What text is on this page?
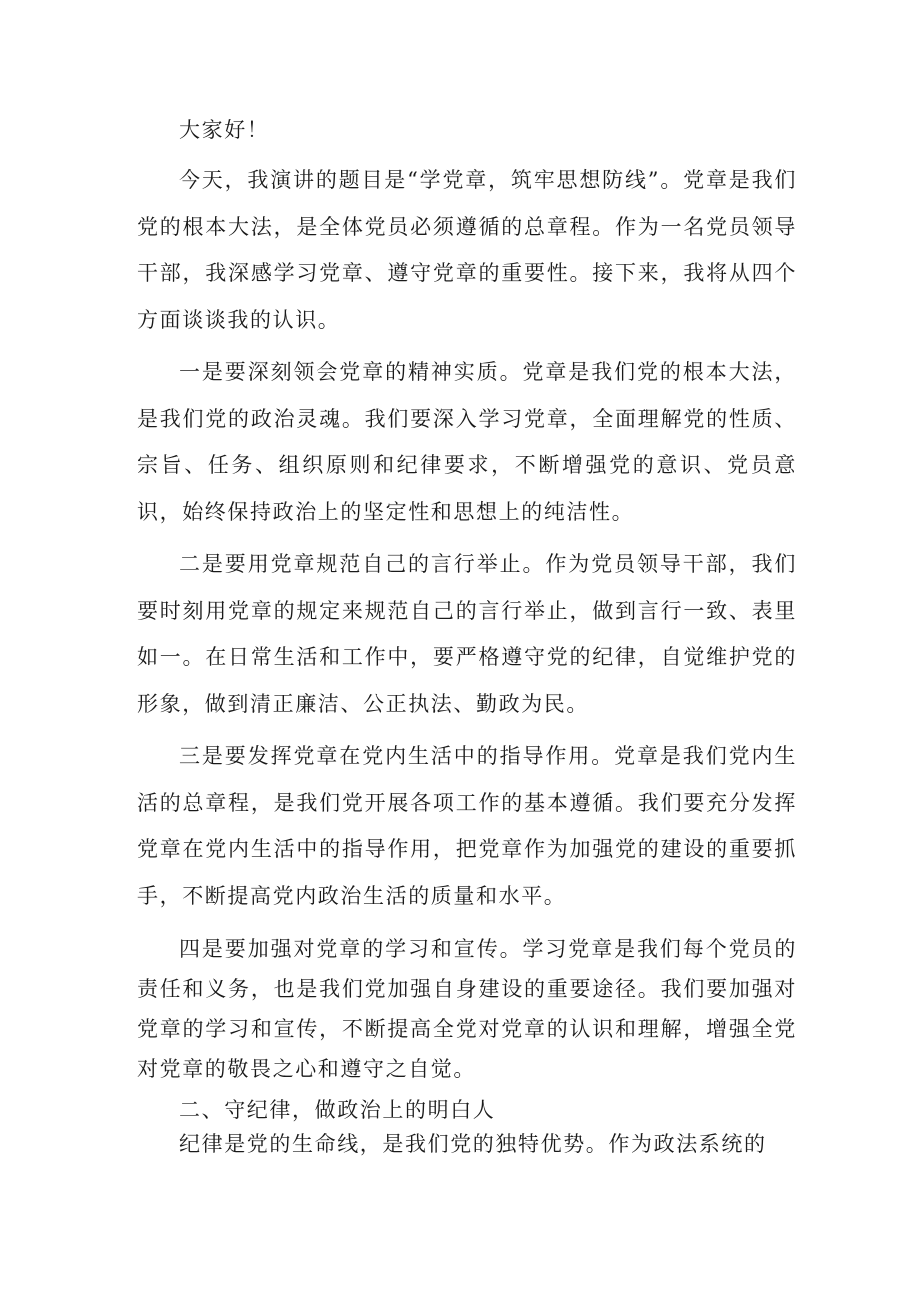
大家好！

今天，我演讲的题目是“学党章，筑牢思想防线”。党章是我们党的根本大法，是全体党员必须遵循的总章程。作为一名党员领导干部，我深感学习党章、遵守党章的重要性。接下来，我将从四个方面谈谈我的认识。

一是要深刻领会党章的精神实质。党章是我们党的根本大法，是我们党的政治灵魂。我们要深入学习党章，全面理解党的性质、宗旨、任务、组织原则和纪律要求，不断增强党的意识、党员意识，始终保持政治上的坚定性和思想上的纯洁性。

二是要用党章规范自己的言行举止。作为党员领导干部，我们要时刻用党章的规定来规范自己的言行举止，做到言行一致、表里如一。在日常生活和工作中，要严格遵守党的纪律，自觉维护党的形象，做到清正廉洁、公正执法、勤政为民。

三是要发挥党章在党内生活中的指导作用。党章是我们党内生活的总章程，是我们党开展各项工作的基本遵循。我们要充分发挥党章在党内生活中的指导作用，把党章作为加强党的建设的重要抓手，不断提高党内政治生活的质量和水平。

四是要加强对党章的学习和宣传。学习党章是我们每个党员的责任和义务，也是我们党加强自身建设的重要途径。我们要加强对党章的学习和宣传，不断提高全党对党章的认识和理解，增强全党对党章的敬畏之心和遵守之自觉。

二、守纪律，做政治上的明白人

纪律是党的生命线，是我们党的独特优势。作为政法系统的
